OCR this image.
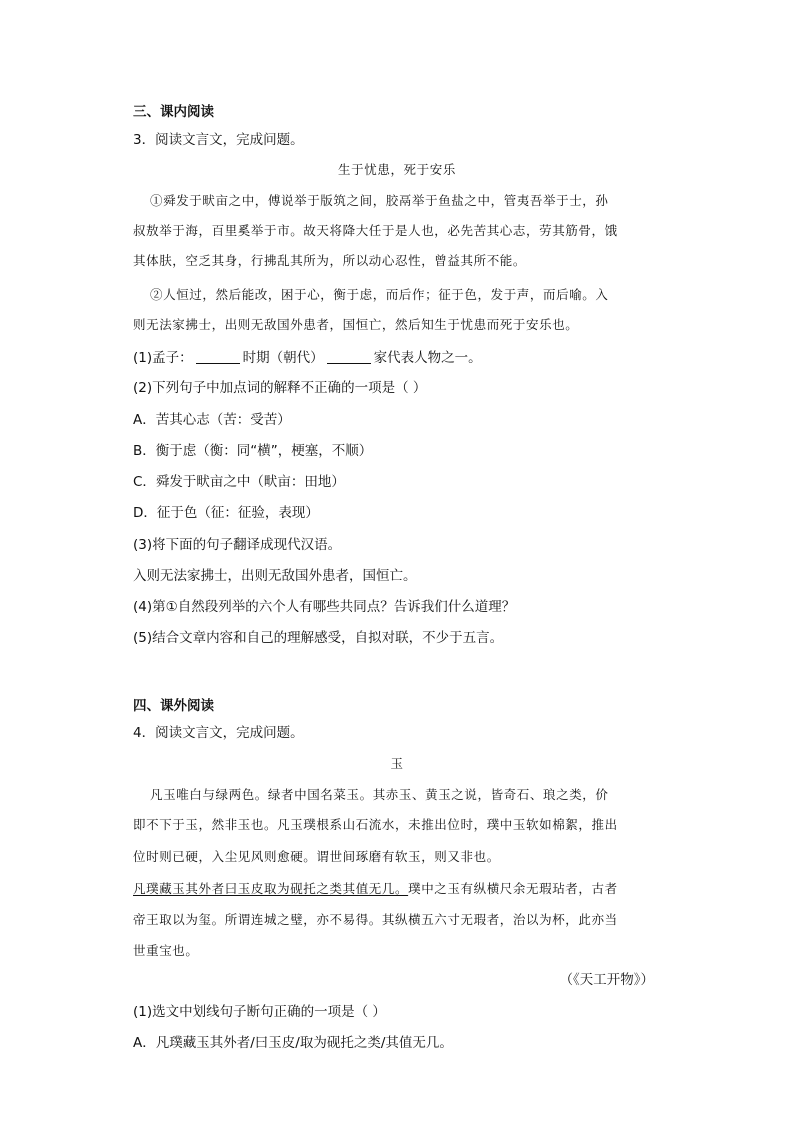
三、课内阅读
3．阅读文言文，完成问题。
生于忧患，死于安乐
①舜发于畎亩之中，傅说举于版筑之间，胶鬲举于鱼盐之中，管夷吾举于士，孙
叔敖举于海，百里奚举于市。故天将降大任于是人也，必先苦其心志，劳其筋骨，饿
其体肤，空乏其身，行拂乱其所为，所以动心忍性，曾益其所不能。
②人恒过，然后能改，困于心，衡于虑，而后作；征于色，发于声，而后喻。入
则无法家拂士，出则无敌国外患者，国恒亡，然后知生于忧患而死于安乐也。
(1)孟子：	时期（朝代）	家代表人物之一。
(2)下列句子中加点词的解释不正确的一项是（ ）
A．苦其心志（苦：受苦）
B．衡于虑（衡：同“横”，梗塞，不顺）
C．舜发于畎亩之中（畎亩：田地）
D．征于色（征：征验，表现）
(3)将下面的句子翻译成现代汉语。
入则无法家拂士，出则无敌国外患者，国恒亡。
(4)第①自然段列举的六个人有哪些共同点？告诉我们什么道理？
(5)结合文章内容和自己的理解感受，自拟对联，不少于五言。
四、课外阅读
4．阅读文言文，完成问题。
玉
凡玉唯白与绿两色。绿者中国名菜玉。其赤玉、黄玉之说，皆奇石、琅之类，价
即不下于玉，然非玉也。凡玉璞根系山石流水，未推出位时，璞中玉软如棉絮，推出
位时则已硬，入尘见风则愈硬。谓世间琢磨有软玉，则又非也。
凡璞藏玉其外者曰玉皮取为砚托之类其值无几。璞中之玉有纵横尺余无瑕玷者，古者
帝王取以为玺。所谓连城之璧，亦不易得。其纵横五六寸无瑕者，治以为杯，此亦当
世重宝也。
（《天工开物》）
(1)选文中划线句子断句正确的一项是（ ）
A．凡璞藏玉其外者/曰玉皮/取为砚托之类/其值无几。
